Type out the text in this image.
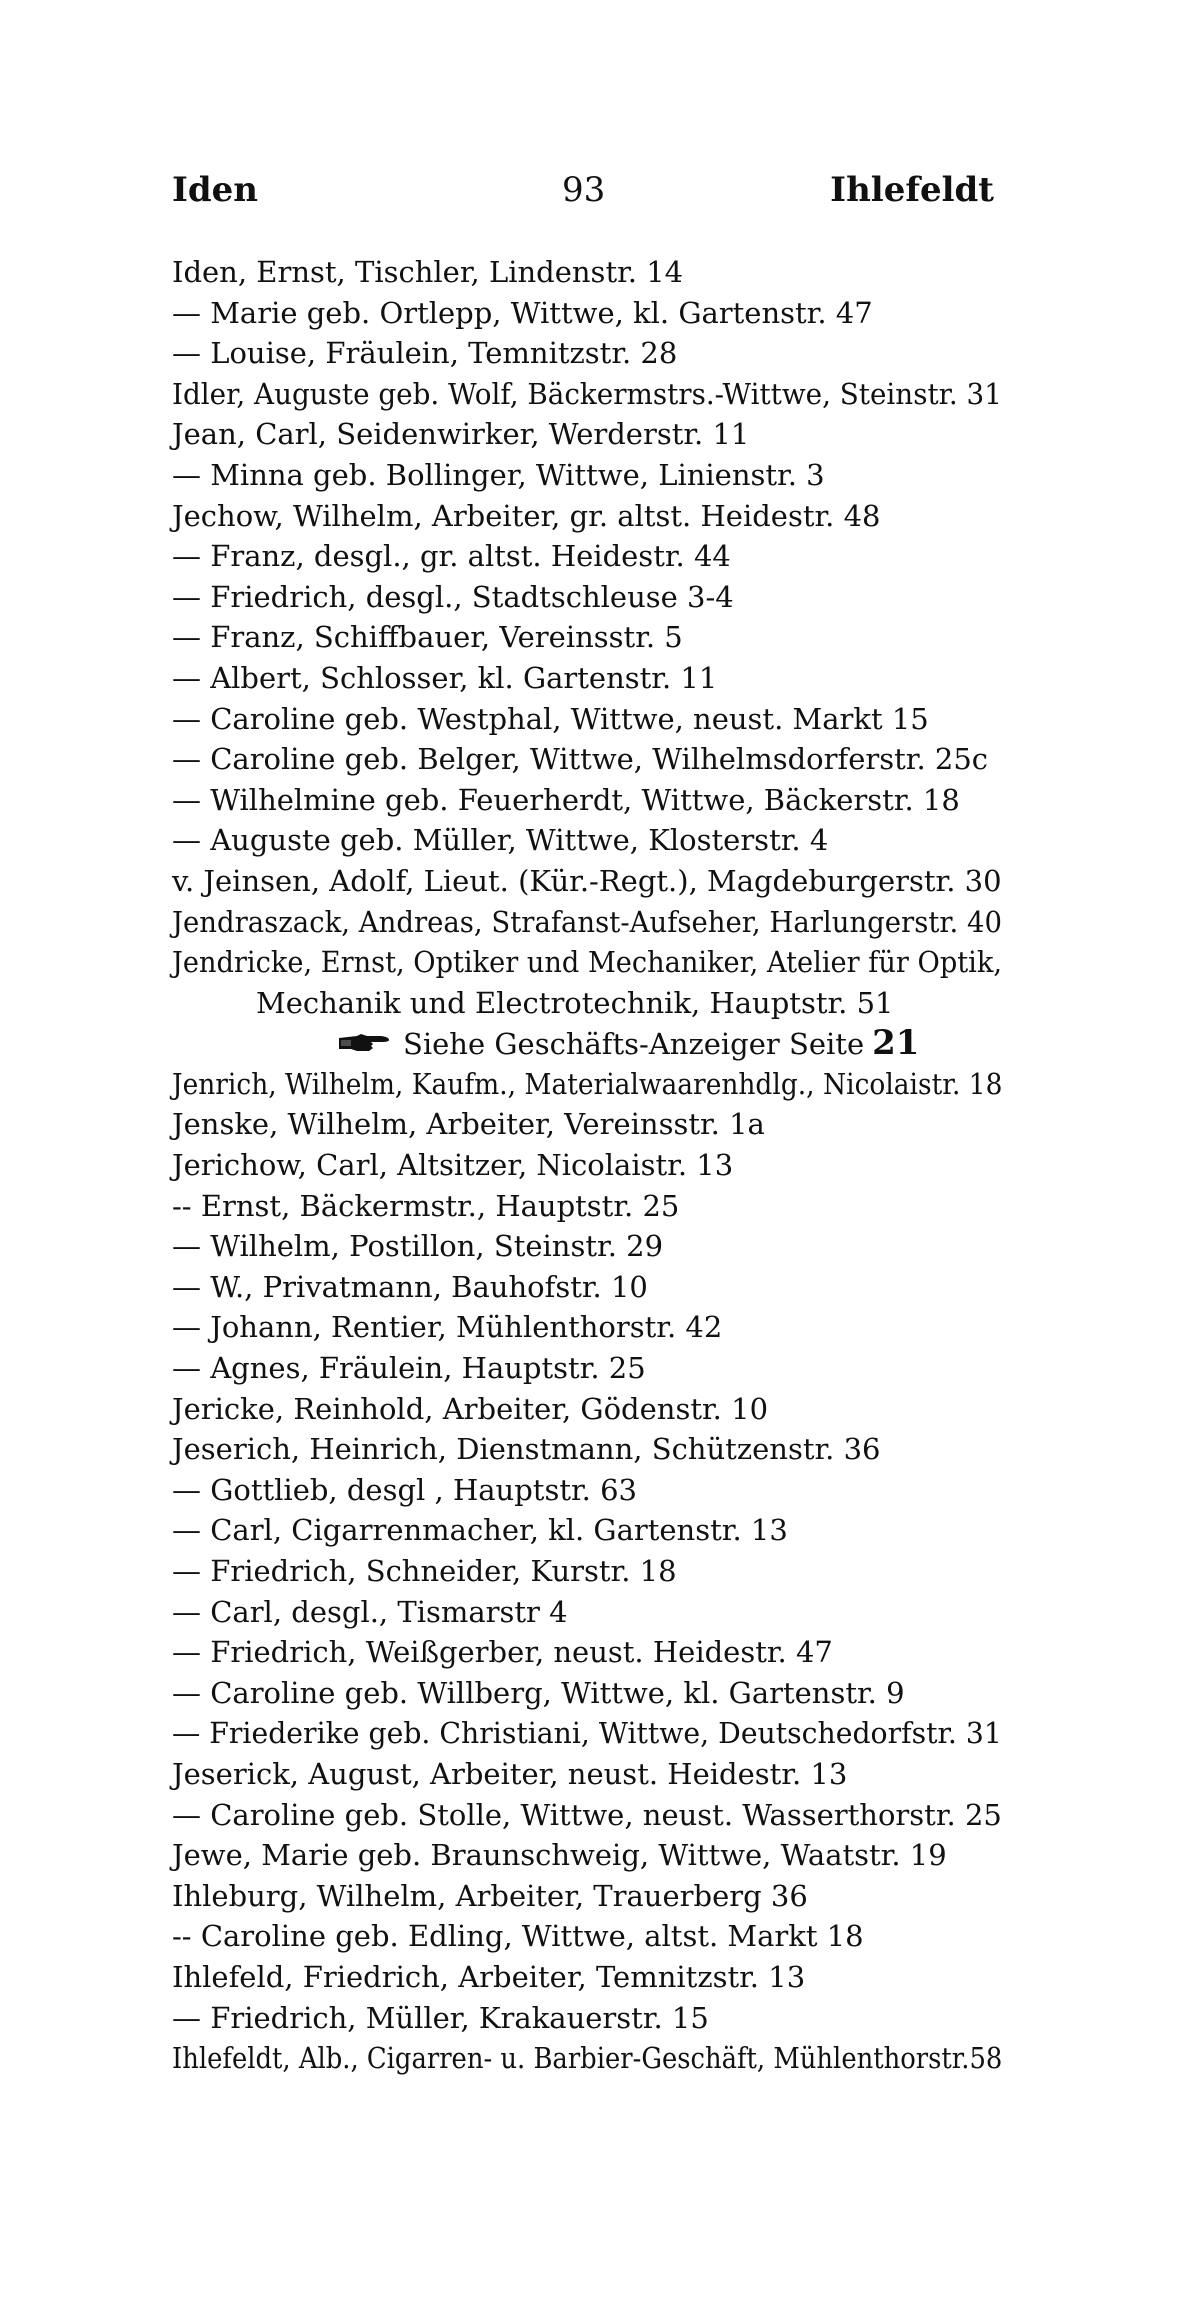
Iden	93	Ihlefeldt
Iden, Ernst, Tischler, Lindenstr. 14
— Marie geb. Ortlepp, Wittwe, kl. Gartenstr. 47
— Louise, Fräulein, Temnitzstr. 28
Idler, Auguste geb. Wolf, Bäckermstrs.-Wittwe, Steinstr. 31
Jean, Carl, Seidenwirker, Werderstr. 11
— Minna geb. Bollinger, Wittwe, Linienstr. 3
Jechow, Wilhelm, Arbeiter, gr. altst. Heidestr. 48
— Franz, desgl., gr. altst. Heidestr. 44
— Friedrich, desgl., Stadtschleuse 3-4
— Franz, Schiffbauer, Vereinsstr. 5
— Albert, Schlosser, kl. Gartenstr. 11
— Caroline geb. Westphal, Wittwe, neust. Markt 15
— Caroline geb. Belger, Wittwe, Wilhelmsdorferstr. 25c
— Wilhelmine geb. Feuerherdt, Wittwe, Bäckerstr. 18
— Auguste geb. Müller, Wittwe, Klosterstr. 4
v. Jeinsen, Adolf, Lieut. (Kür.-Regt.), Magdeburgerstr. 30
Jendraszack, Andreas, Strafanst-Aufseher, Harlungerstr. 40
Jendricke, Ernst, Optiker und Mechaniker, Atelier für Optik,
Mechanik und Electrotechnik, Hauptstr. 51
Siehe Geschäfts-Anzeiger Seite 21
Jenrich, Wilhelm, Kaufm., Materialwaarenhdlg., Nicolaistr. 18
Jenske, Wilhelm, Arbeiter, Vereinsstr. 1a
Jerichow, Carl, Altsitzer, Nicolaistr. 13
-- Ernst, Bäckermstr., Hauptstr. 25
— Wilhelm, Postillon, Steinstr. 29
— W., Privatmann, Bauhofstr. 10
— Johann, Rentier, Mühlenthorstr. 42
— Agnes, Fräulein, Hauptstr. 25
Jericke, Reinhold, Arbeiter, Gödenstr. 10
Jeserich, Heinrich, Dienstmann, Schützenstr. 36
— Gottlieb, desgl , Hauptstr. 63
— Carl, Cigarrenmacher, kl. Gartenstr. 13
— Friedrich, Schneider, Kurstr. 18
— Carl, desgl., Tismarstr 4
— Friedrich, Weißgerber, neust. Heidestr. 47
— Caroline geb. Willberg, Wittwe, kl. Gartenstr. 9
— Friederike geb. Christiani, Wittwe, Deutschedorfstr. 31
Jeserick, August, Arbeiter, neust. Heidestr. 13
— Caroline geb. Stolle, Wittwe, neust. Wasserthorstr. 25
Jewe, Marie geb. Braunschweig, Wittwe, Waatstr. 19
Ihleburg, Wilhelm, Arbeiter, Trauerberg 36
-- Caroline geb. Edling, Wittwe, altst. Markt 18
Ihlefeld, Friedrich, Arbeiter, Temnitzstr. 13
— Friedrich, Müller, Krakauerstr. 15
Ihlefeldt, Alb., Cigarren- u. Barbier-Geschäft, Mühlenthorstr.58
